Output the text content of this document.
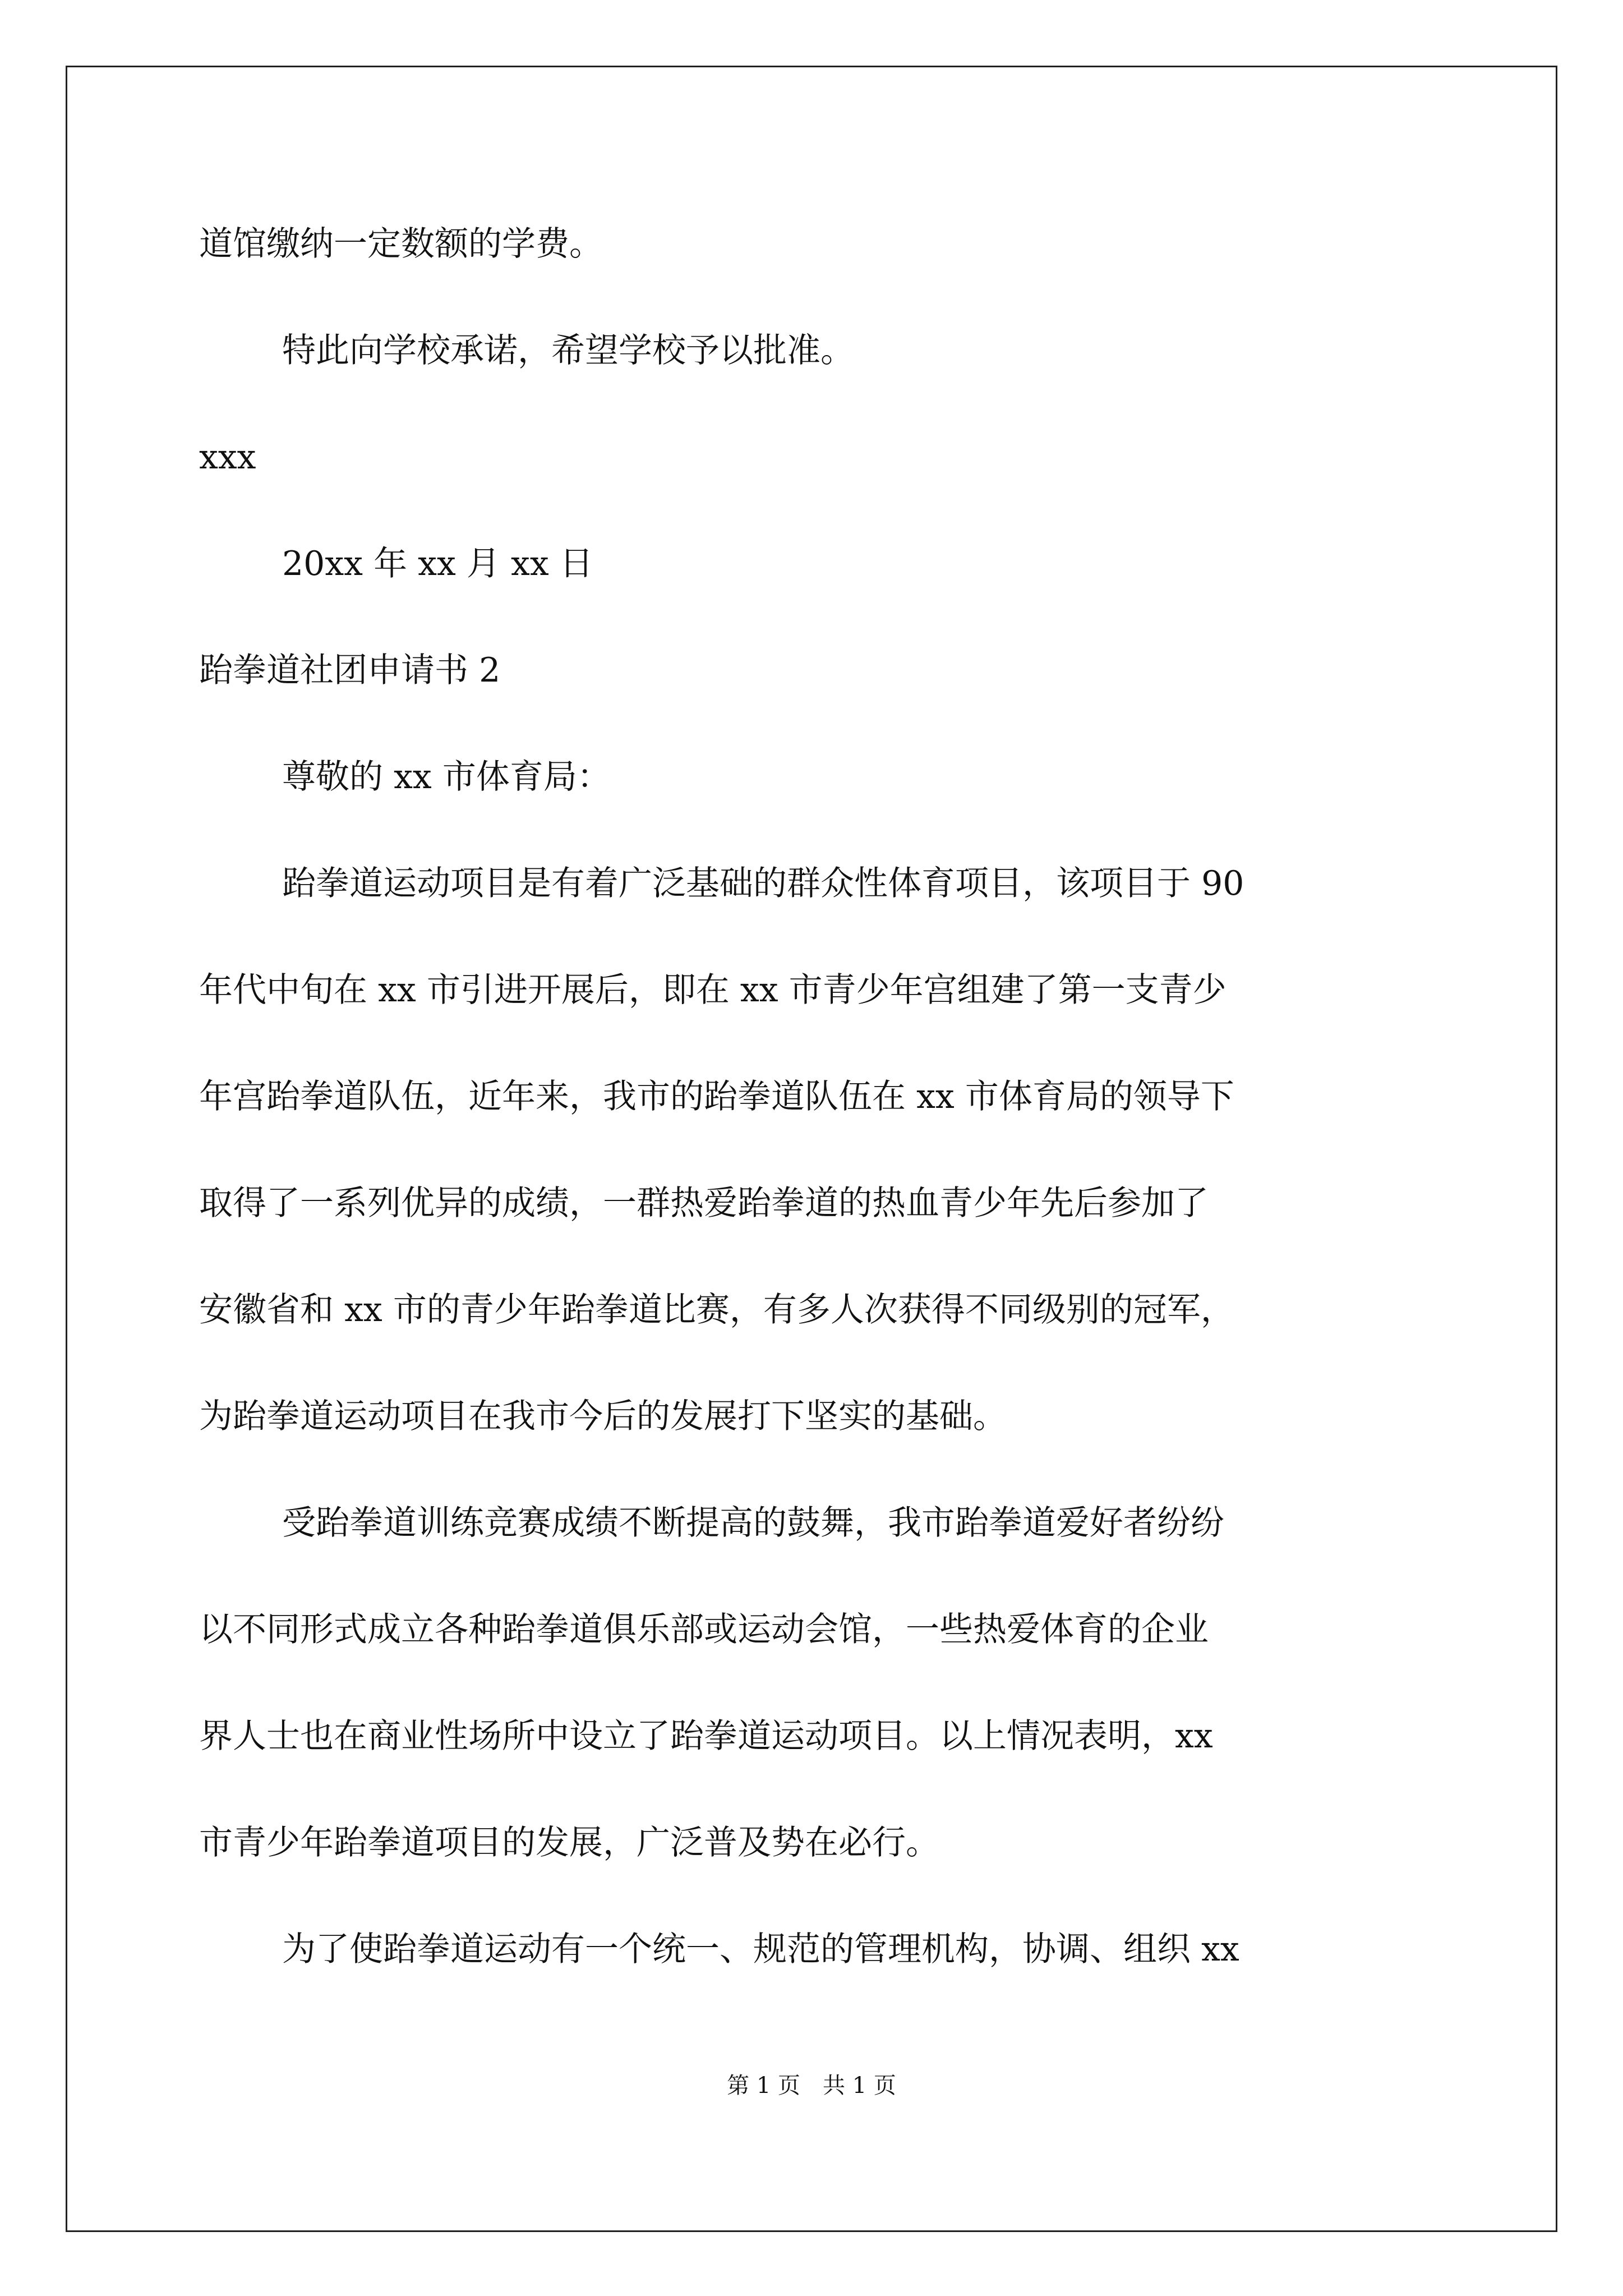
道馆缴纳一定数额的学费。
特此向学校承诺，希望学校予以批准。
xxx
20xx 年 xx 月 xx 日
跆拳道社团申请书 2
尊敬的 xx 市体育局：
跆拳道运动项目是有着广泛基础的群众性体育项目，该项目于 90
年代中旬在 xx 市引进开展后，即在 xx 市青少年宫组建了第一支青少
年宫跆拳道队伍，近年来，我市的跆拳道队伍在 xx 市体育局的领导下
取得了一系列优异的成绩，一群热爱跆拳道的热血青少年先后参加了
安徽省和 xx 市的青少年跆拳道比赛，有多人次获得不同级别的冠军，
为跆拳道运动项目在我市今后的发展打下坚实的基础。
受跆拳道训练竞赛成绩不断提高的鼓舞，我市跆拳道爱好者纷纷
以不同形式成立各种跆拳道俱乐部或运动会馆，一些热爱体育的企业
界人士也在商业性场所中设立了跆拳道运动项目。以上情况表明，xx
市青少年跆拳道项目的发展，广泛普及势在必行。
为了使跆拳道运动有一个统一、规范的管理机构，协调、组织 xx
第 1 页　共 1 页
